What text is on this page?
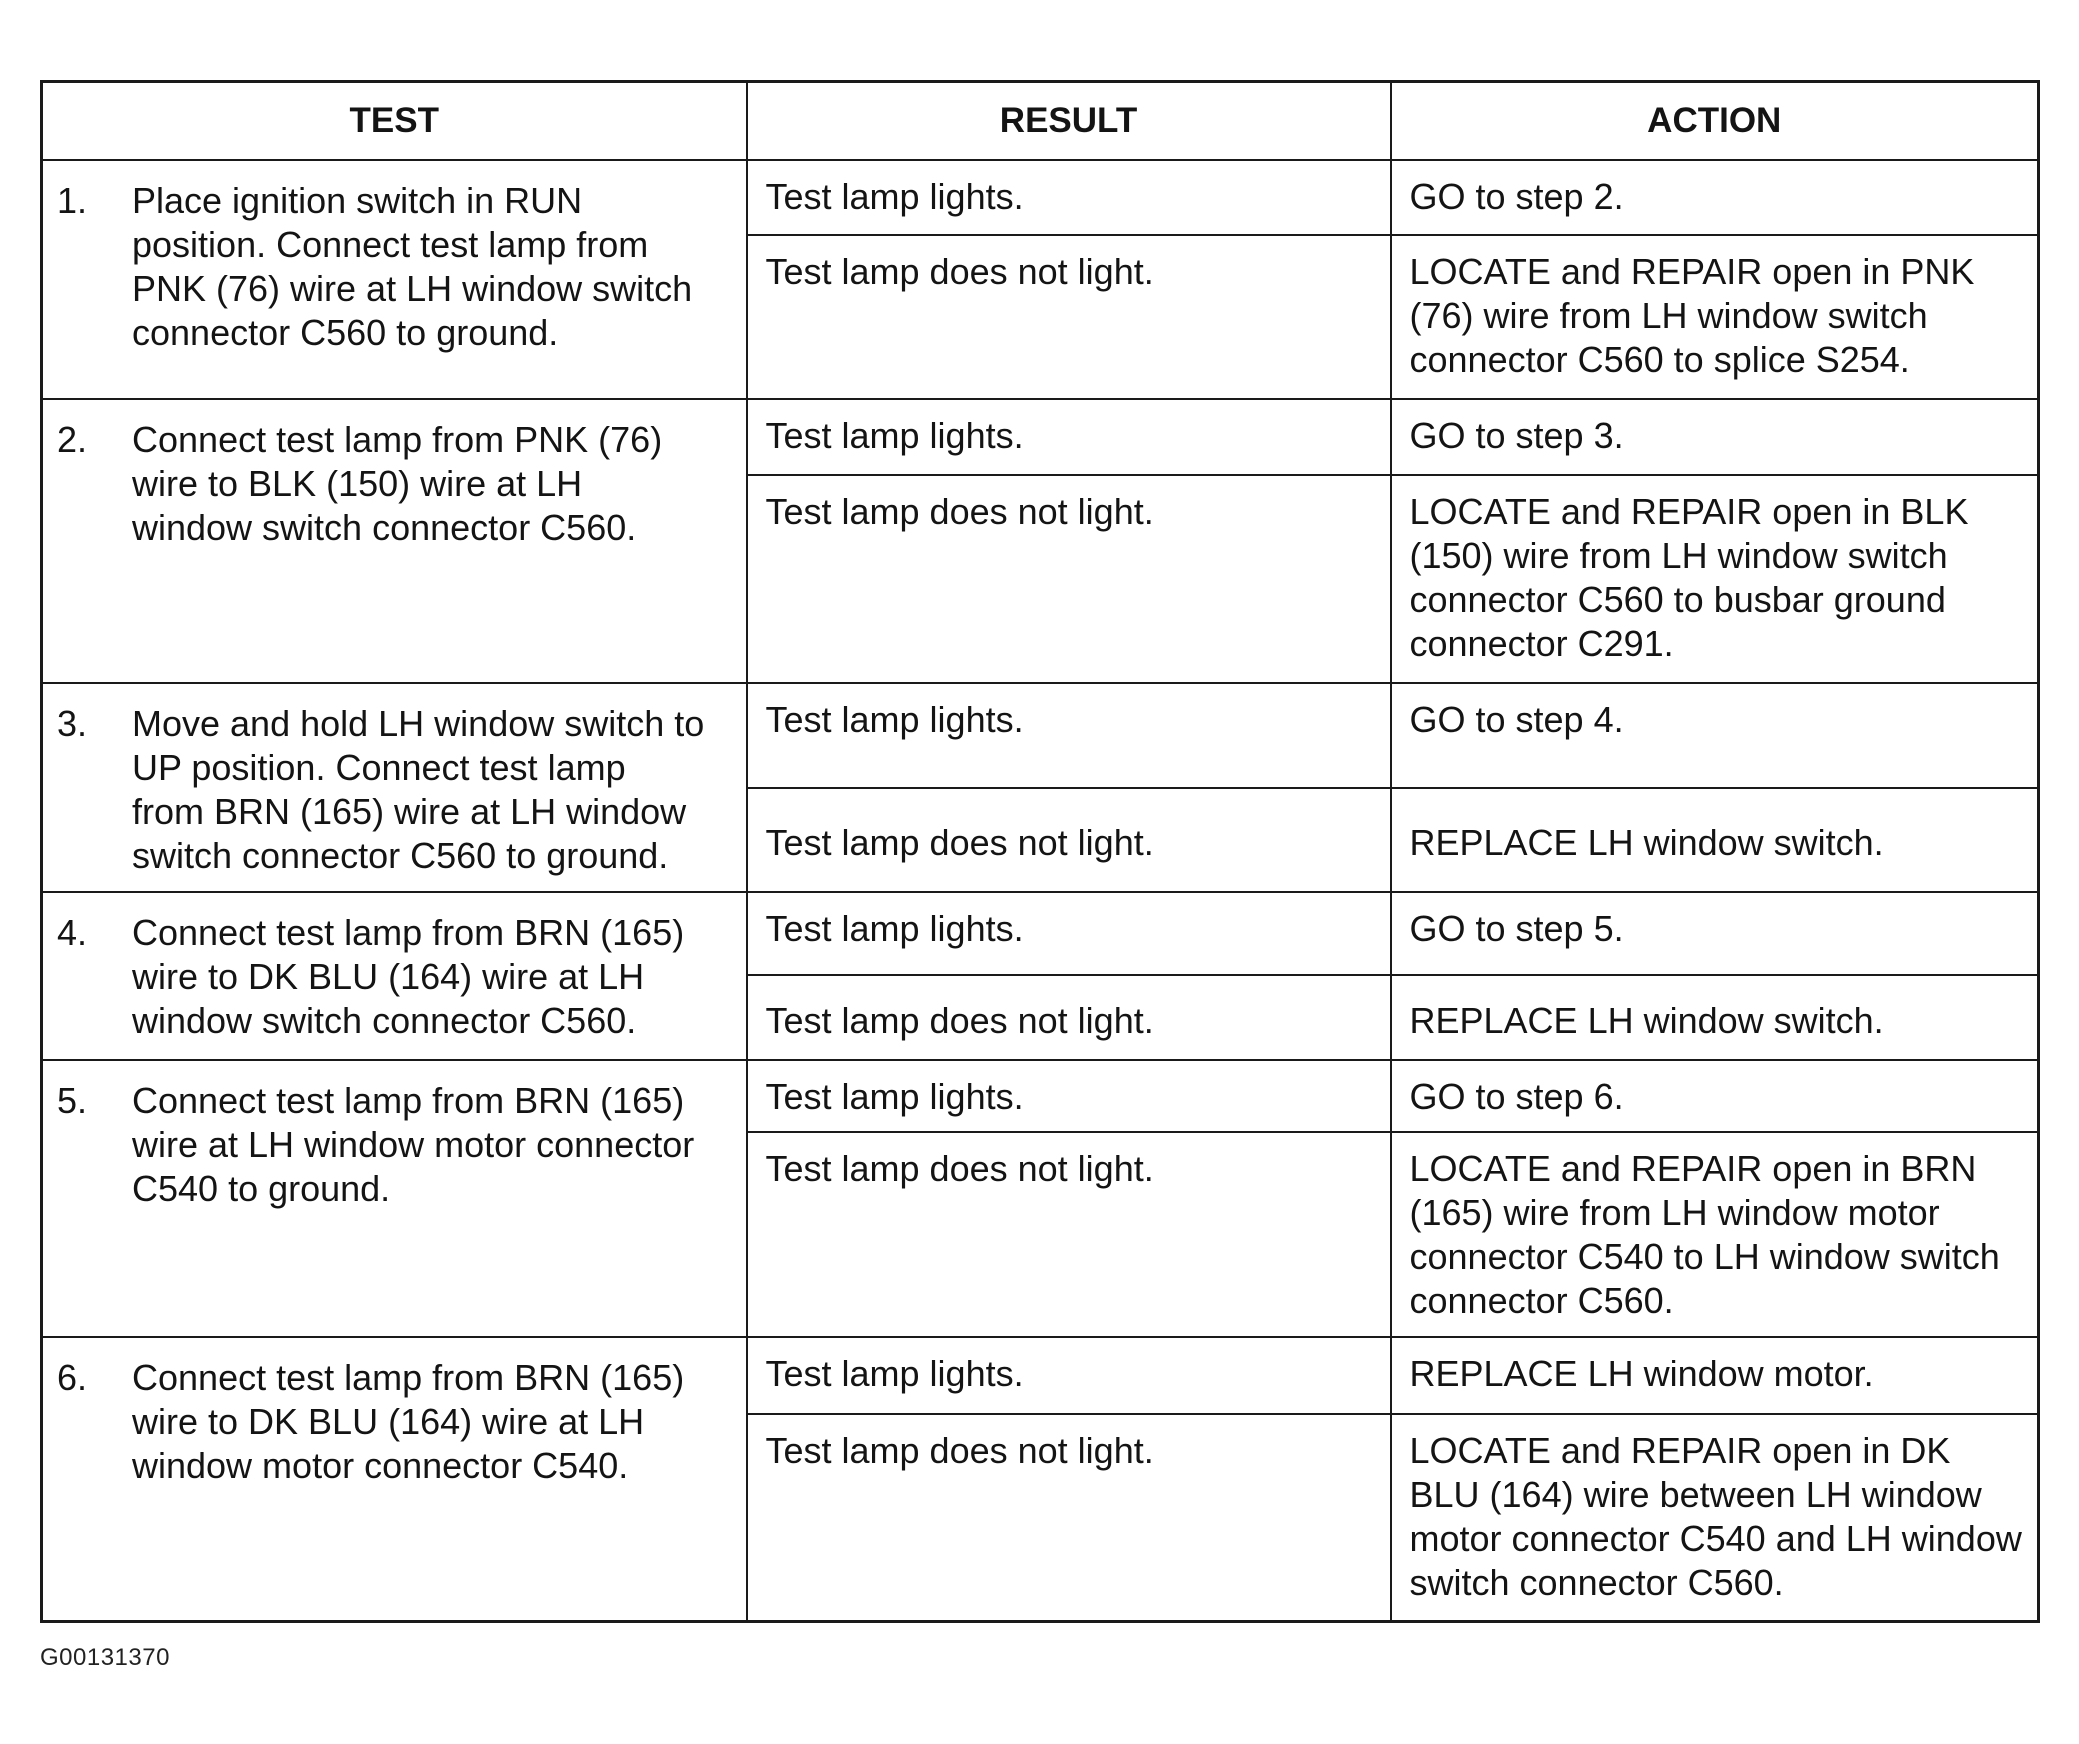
TEST	RESULT	ACTION
1. Place ignition switch in RUN position. Connect test lamp from PNK (76) wire at LH window switch connector C560 to ground.	Test lamp lights.	GO to step 2.
	Test lamp does not light.	LOCATE and REPAIR open in PNK (76) wire from LH window switch connector C560 to splice S254.
2. Connect test lamp from PNK (76) wire to BLK (150) wire at LH window switch connector C560.	Test lamp lights.	GO to step 3.
	Test lamp does not light.	LOCATE and REPAIR open in BLK (150) wire from LH window switch connector C560 to busbar ground connector C291.
3. Move and hold LH window switch to UP position. Connect test lamp from BRN (165) wire at LH window switch connector C560 to ground.	Test lamp lights.	GO to step 4.
	Test lamp does not light.	REPLACE LH window switch.
4. Connect test lamp from BRN (165) wire to DK BLU (164) wire at LH window switch connector C560.	Test lamp lights.	GO to step 5.
	Test lamp does not light.	REPLACE LH window switch.
5. Connect test lamp from BRN (165) wire at LH window motor connector C540 to ground.	Test lamp lights.	GO to step 6.
	Test lamp does not light.	LOCATE and REPAIR open in BRN (165) wire from LH window motor connector C540 to LH window switch connector C560.
6. Connect test lamp from BRN (165) wire to DK BLU (164) wire at LH window motor connector C540.	Test lamp lights.	REPLACE LH window motor.
	Test lamp does not light.	LOCATE and REPAIR open in DK BLU (164) wire between LH window motor connector C540 and LH window switch connector C560.
G00131370
